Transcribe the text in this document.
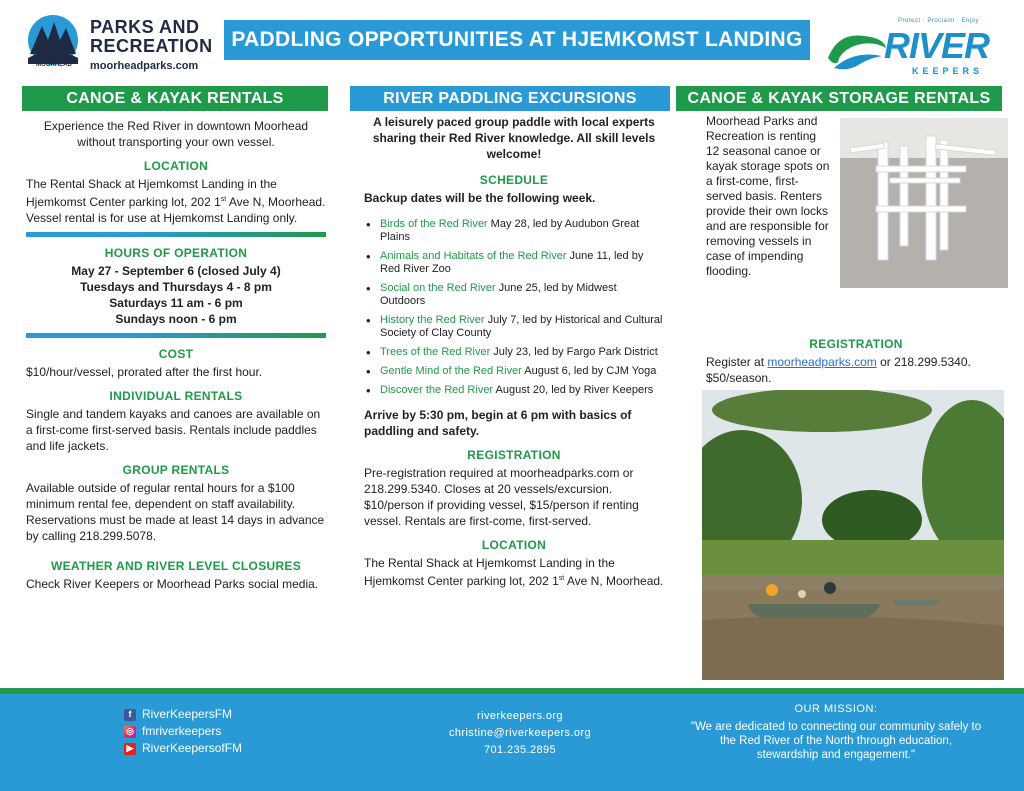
MOORHEAD
PARKS AND
RECREATION
moorheadparks.com
PADDLING OPPORTUNITIES AT HJEMKOMST LANDING
Protect · Proclaim · Enjoy
RIVER
KEEPERS
CANOE & KAYAK RENTALS	RIVER PADDLING EXCURSIONS	CANOE & KAYAK STORAGE RENTALS
Experience the Red River in downtown Moorhead without transporting your own vessel.
LOCATION
The Rental Shack at Hjemkomst Landing in the Hjemkomst Center parking lot, 202 1st Ave N, Moorhead. Vessel rental is for use at Hjemkomst Landing only.
HOURS OF OPERATION
May 27 - September 6 (closed July 4)
Tuesdays and Thursdays 4 - 8 pm
Saturdays 11 am - 6 pm
Sundays noon - 6 pm
COST
$10/hour/vessel, prorated after the first hour.
INDIVIDUAL RENTALS
Single and tandem kayaks and canoes are available on a first-come first-served basis. Rentals include paddles and life jackets.
GROUP RENTALS
Available outside of regular rental hours for a $100 minimum rental fee, dependent on staff availability. Reservations must be made at least 14 days in advance by calling 218.299.5078.
WEATHER AND RIVER LEVEL CLOSURES
Check River Keepers or Moorhead Parks social media.
A leisurely paced group paddle with local experts sharing their Red River knowledge. All skill levels welcome!
SCHEDULE
Backup dates will be the following week.
• Birds of the Red River May 28, led by Audubon Great Plains
• Animals and Habitats of the Red River June 11, led by Red River Zoo
• Social on the Red River June 25, led by Midwest Outdoors
• History the Red River July 7, led by Historical and Cultural Society of Clay County
• Trees of the Red River July 23, led by Fargo Park District
• Gentle Mind of the Red River August 6, led by CJM Yoga
• Discover the Red River August 20, led by River Keepers
Arrive by 5:30 pm, begin at 6 pm with basics of paddling and safety.
REGISTRATION
Pre-registration required at moorheadparks.com or 218.299.5340. Closes at 20 vessels/excursion. $10/person if providing vessel, $15/person if renting vessel. Rentals are first-come, first-served.
LOCATION
The Rental Shack at Hjemkomst Landing in the Hjemkomst Center parking lot, 202 1st Ave N, Moorhead.
Moorhead Parks and Recreation is renting 12 seasonal canoe or kayak storage spots on a first-come, first-served basis. Renters provide their own locks and are responsible for removing vessels in case of impending flooding.
REGISTRATION
Register at moorheadparks.com or 218.299.5340. $50/season.
f RiverKeepersFM
◎ fmriverkeepers
▶ RiverKeepersofFM
riverkeepers.org
christine@riverkeepers.org
701.235.2895
OUR MISSION:
"We are dedicated to connecting our community safely to the Red River of the North through education, stewardship and engagement."
